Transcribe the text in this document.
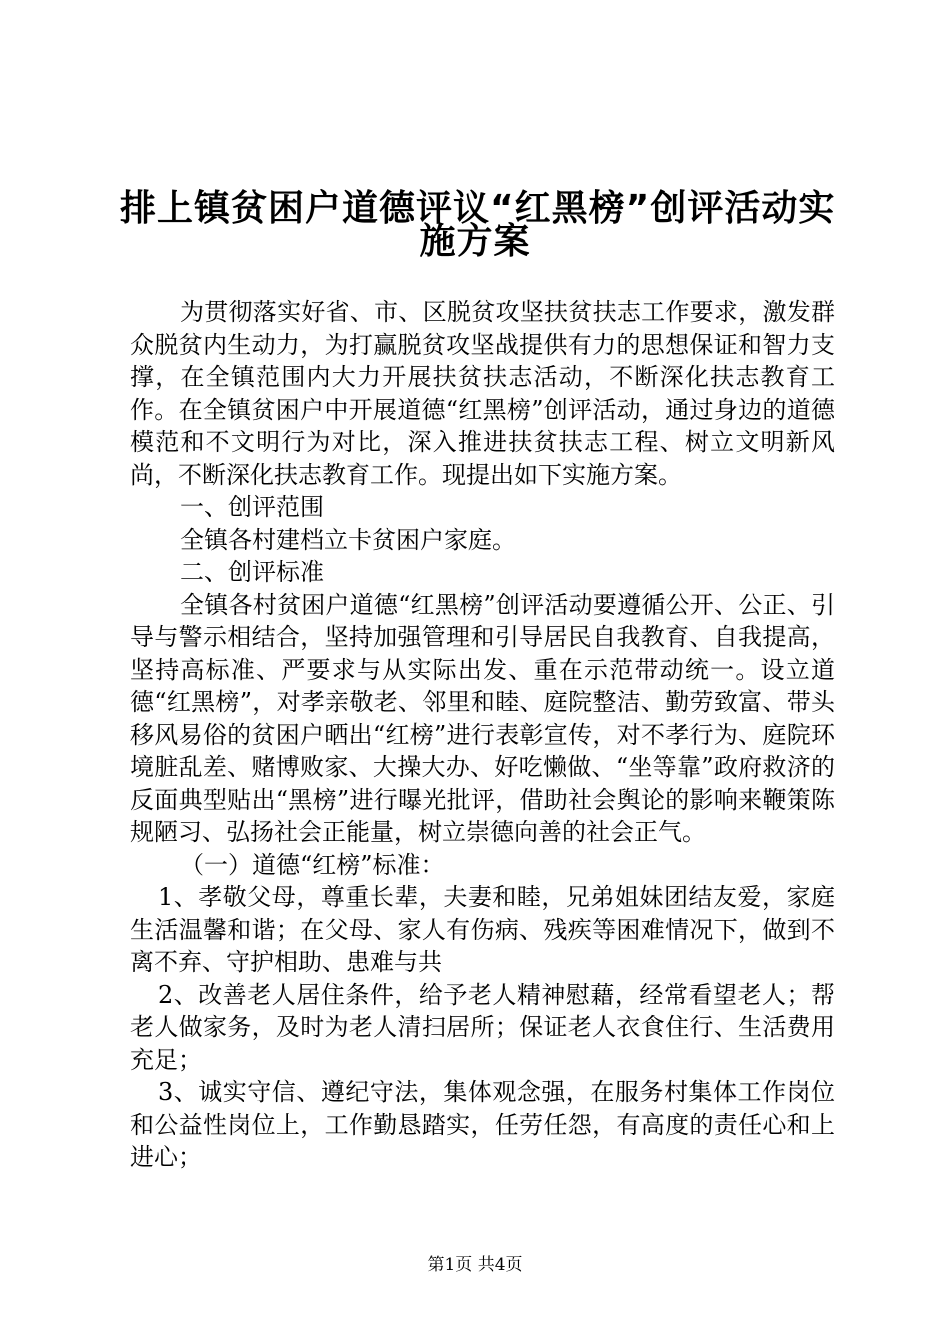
排上镇贫困户道德评议“红黑榜”创评活动实
施方案

为贯彻落实好省、市、区脱贫攻坚扶贫扶志工作要求，激发群众脱贫内生动力，为打赢脱贫攻坚战提供有力的思想保证和智力支撑，在全镇范围内大力开展扶贫扶志活动，不断深化扶志教育工作。在全镇贫困户中开展道德“红黑榜”创评活动，通过身边的道德模范和不文明行为对比，深入推进扶贫扶志工程、树立文明新风尚，不断深化扶志教育工作。现提出如下实施方案。

一、创评范围

全镇各村建档立卡贫困户家庭。

二、创评标准

全镇各村贫困户道德“红黑榜”创评活动要遵循公开、公正、引导与警示相结合，坚持加强管理和引导居民自我教育、自我提高，坚持高标准、严要求与从实际出发、重在示范带动统一。设立道德“红黑榜”，对孝亲敬老、邻里和睦、庭院整洁、勤劳致富、带头移风易俗的贫困户晒出“红榜”进行表彰宣传，对不孝行为、庭院环境脏乱差、赌博败家、大操大办、好吃懒做、“坐等靠”政府救济的反面典型贴出“黑榜”进行曝光批评，借助社会舆论的影响来鞭策陈规陋习、弘扬社会正能量，树立崇德向善的社会正气。

（一）道德“红榜”标准：

1、孝敬父母，尊重长辈，夫妻和睦，兄弟姐妹团结友爱，家庭生活温馨和谐；在父母、家人有伤病、残疾等困难情况下，做到不离不弃、守护相助、患难与共

2、改善老人居住条件，给予老人精神慰藉，经常看望老人；帮老人做家务，及时为老人清扫居所；保证老人衣食住行、生活费用充足；

3、诚实守信、遵纪守法，集体观念强，在服务村集体工作岗位和公益性岗位上，工作勤恳踏实，任劳任怨，有高度的责任心和上进心；

第1页 共4页
